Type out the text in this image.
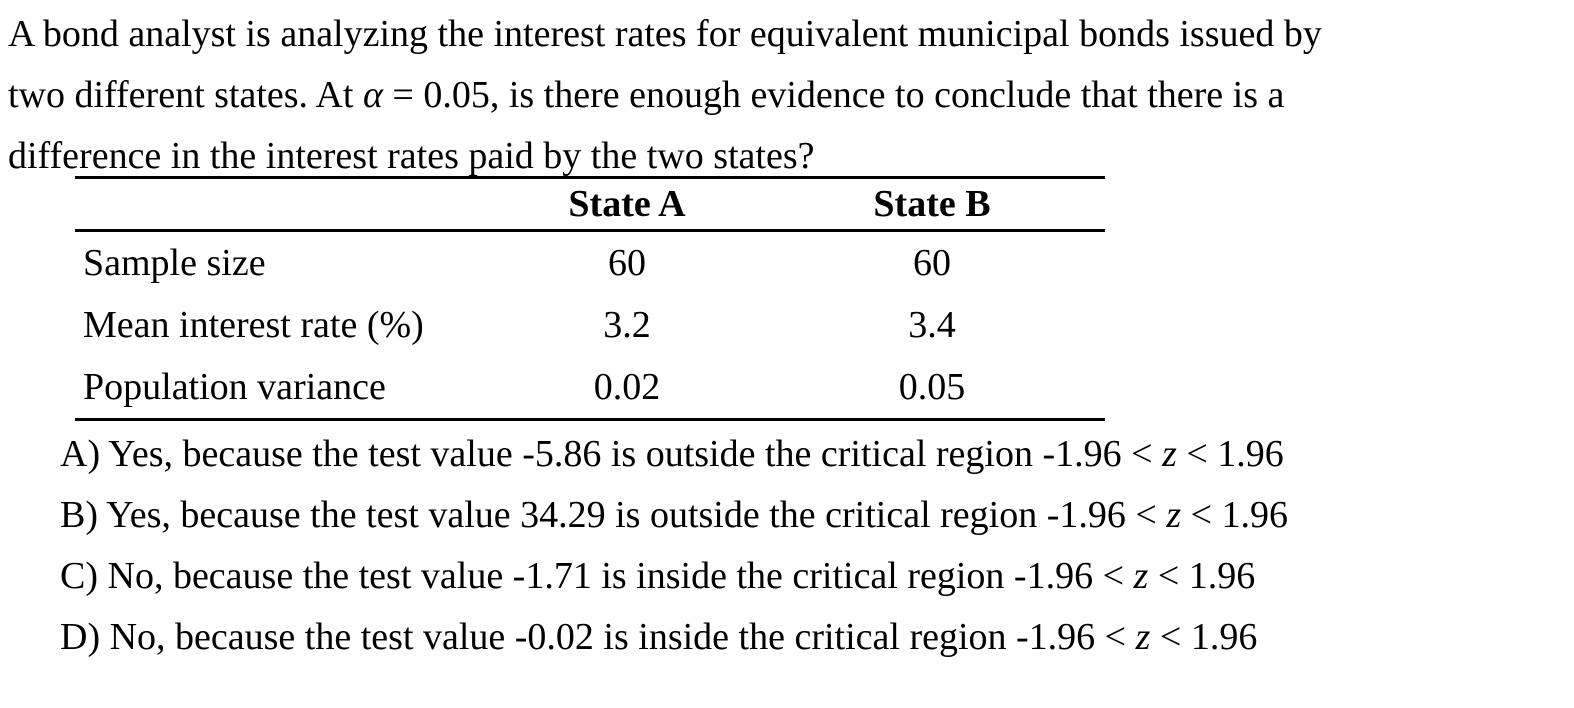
A bond analyst is analyzing the interest rates for equivalent municipal bonds issued by
two different states. At α = 0.05, is there enough evidence to conclude that there is a
difference in the interest rates paid by the two states?
	State A		State B	
Sample size	60		60	
Mean interest rate (%)	3.2		3.4	
Population variance	0.02		0.05	
A) Yes, because the test value -5.86 is outside the critical region -1.96 < z < 1.96
B) Yes, because the test value 34.29 is outside the critical region -1.96 < z < 1.96
C) No, because the test value -1.71 is inside the critical region -1.96 < z < 1.96
D) No, because the test value -0.02 is inside the critical region -1.96 < z < 1.96
